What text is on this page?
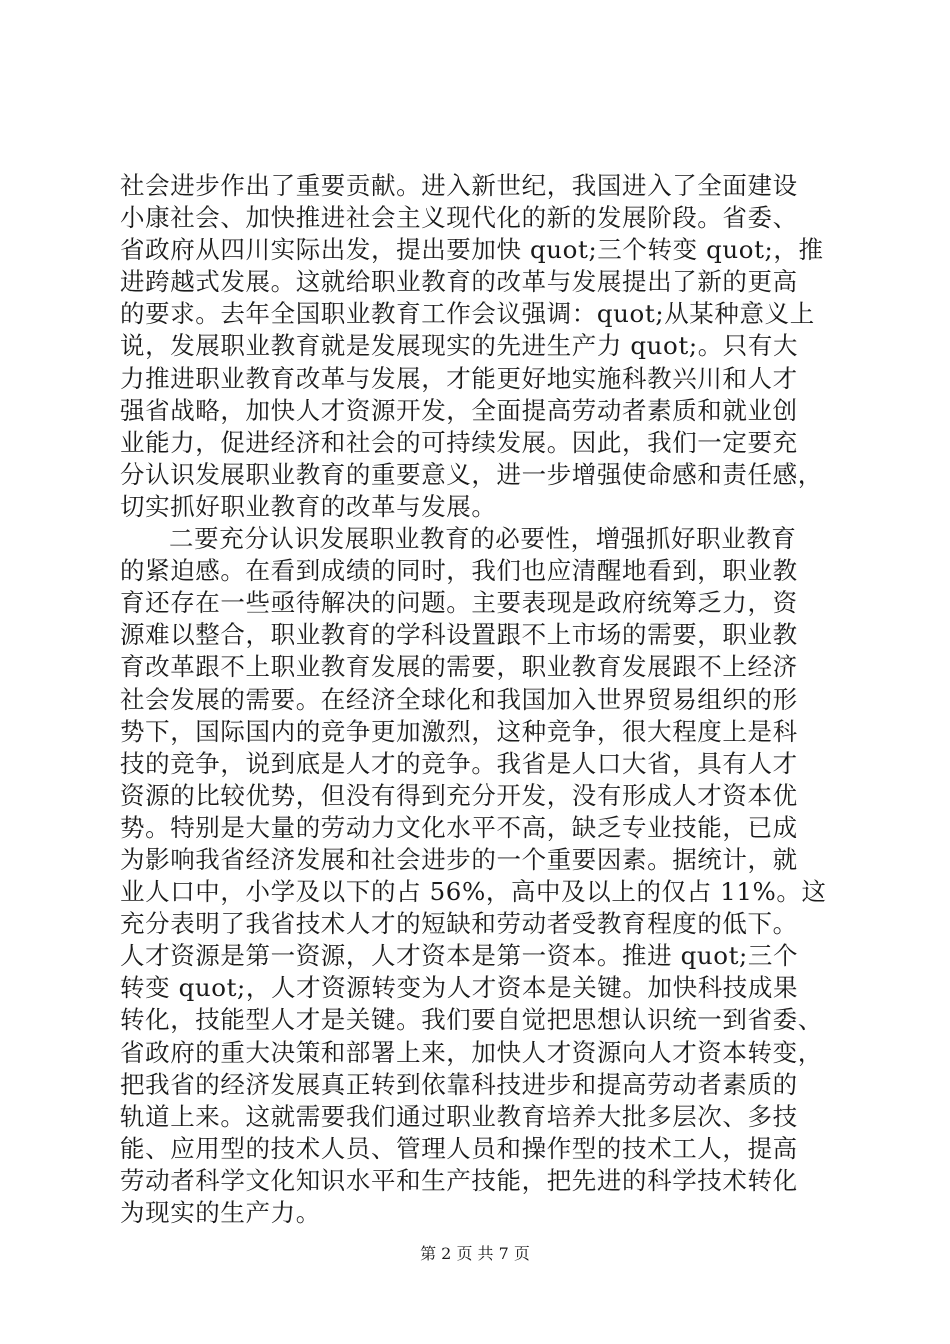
社会进步作出了重要贡献。进入新世纪，我国进入了全面建设
小康社会、加快推进社会主义现代化的新的发展阶段。省委、
省政府从四川实际出发，提出要加快 quot;三个转变 quot;，推
进跨越式发展。这就给职业教育的改革与发展提出了新的更高
的要求。去年全国职业教育工作会议强调：quot;从某种意义上
说，发展职业教育就是发展现实的先进生产力 quot;。只有大
力推进职业教育改革与发展，才能更好地实施科教兴川和人才
强省战略，加快人才资源开发，全面提高劳动者素质和就业创
业能力，促进经济和社会的可持续发展。因此，我们一定要充
分认识发展职业教育的重要意义，进一步增强使命感和责任感，
切实抓好职业教育的改革与发展。
二要充分认识发展职业教育的必要性，增强抓好职业教育
的紧迫感。在看到成绩的同时，我们也应清醒地看到，职业教
育还存在一些亟待解决的问题。主要表现是政府统筹乏力，资
源难以整合，职业教育的学科设置跟不上市场的需要，职业教
育改革跟不上职业教育发展的需要，职业教育发展跟不上经济
社会发展的需要。在经济全球化和我国加入世界贸易组织的形
势下，国际国内的竞争更加激烈，这种竞争，很大程度上是科
技的竞争，说到底是人才的竞争。我省是人口大省，具有人才
资源的比较优势，但没有得到充分开发，没有形成人才资本优
势。特别是大量的劳动力文化水平不高，缺乏专业技能，已成
为影响我省经济发展和社会进步的一个重要因素。据统计，就
业人口中，小学及以下的占 56%，高中及以上的仅占 11%。这
充分表明了我省技术人才的短缺和劳动者受教育程度的低下。
人才资源是第一资源，人才资本是第一资本。推进 quot;三个
转变 quot;，人才资源转变为人才资本是关键。加快科技成果
转化，技能型人才是关键。我们要自觉把思想认识统一到省委、
省政府的重大决策和部署上来，加快人才资源向人才资本转变，
把我省的经济发展真正转到依靠科技进步和提高劳动者素质的
轨道上来。这就需要我们通过职业教育培养大批多层次、多技
能、应用型的技术人员、管理人员和操作型的技术工人，提高
劳动者科学文化知识水平和生产技能，把先进的科学技术转化
为现实的生产力。
第 2 页 共 7 页
